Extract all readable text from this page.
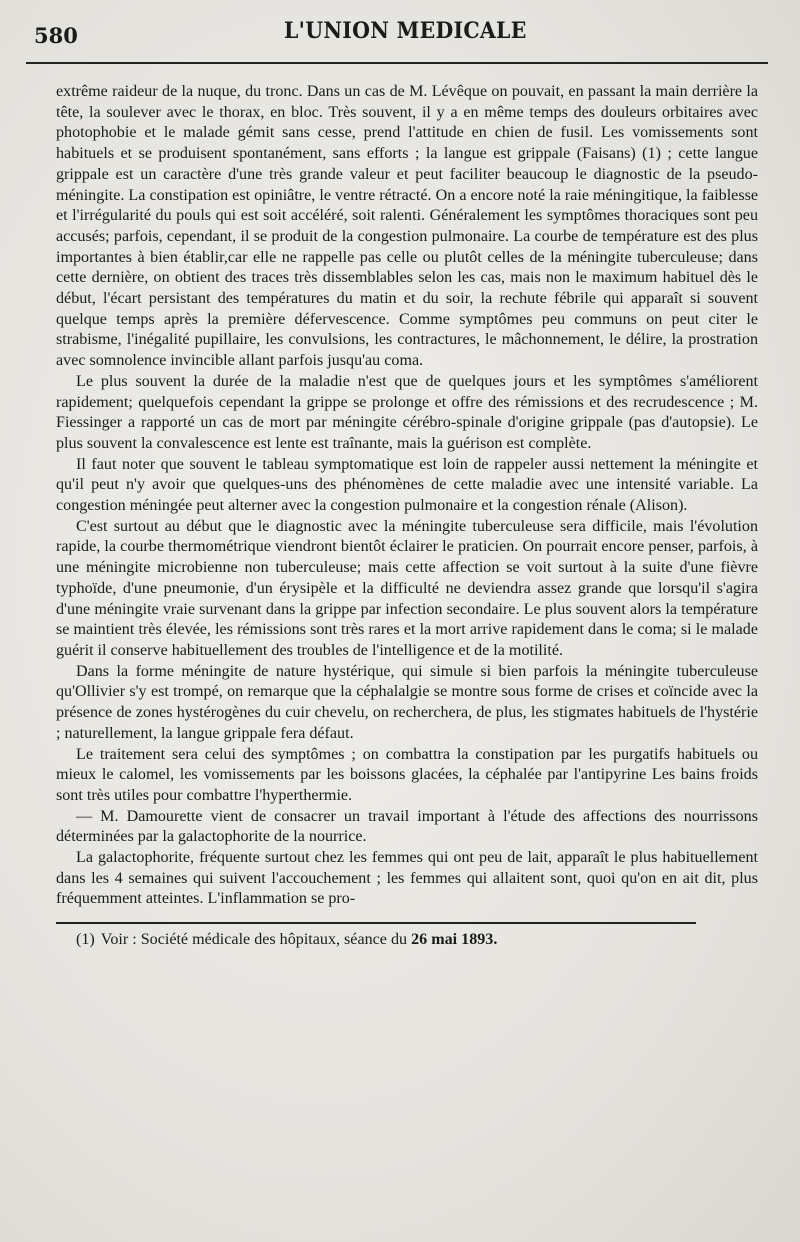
580	L'UNION MEDICALE

extrême raideur de la nuque, du tronc. Dans un cas de M. Lévêque on pouvait, en passant la main derrière la tête, la soulever avec le thorax, en bloc. Très souvent, il y a en même temps des douleurs orbitaires avec photophobie et le malade gémit sans cesse, prend l'attitude en chien de fusil. Les vomissements sont habituels et se produisent spontanément, sans efforts ; la langue est grippale (Faisans) (1) ; cette langue grippale est un caractère d'une très grande valeur et peut faciliter beaucoup le diagnostic de la pseudo-méningite. La constipation est opiniâtre, le ventre rétracté. On a encore noté la raie méningitique, la faiblesse et l'irrégularité du pouls qui est soit accéléré, soit ralenti. Généralement les symptômes thoraciques sont peu accusés; parfois, cependant, il se produit de la congestion pulmonaire. La courbe de température est des plus importantes à bien établir,car elle ne rappelle pas celle ou plutôt celles de la méningite tuberculeuse; dans cette dernière, on obtient des traces très dissemblables selon les cas, mais non le maximum habituel dès le début, l'écart persistant des températures du matin et du soir, la rechute fébrile qui apparaît si souvent quelque temps après la première défervescence. Comme symptômes peu communs on peut citer le strabisme, l'inégalité pupillaire, les convulsions, les contractures, le mâchonnement, le délire, la prostration avec somnolence invincible allant parfois jusqu'au coma.

Le plus souvent la durée de la maladie n'est que de quelques jours et les symptômes s'améliorent rapidement; quelquefois cependant la grippe se prolonge et offre des rémissions et des recrudescence ; M. Fiessinger a rapporté un cas de mort par méningite cérébro-spinale d'origine grippale (pas d'autopsie). Le plus souvent la convalescence est lente est traînante, mais la guérison est complète.

Il faut noter que souvent le tableau symptomatique est loin de rappeler aussi nettement la méningite et qu'il peut n'y avoir que quelques-uns des phénomènes de cette maladie avec une intensité variable. La congestion méningée peut alterner avec la congestion pulmonaire et la congestion rénale (Alison).

C'est surtout au début que le diagnostic avec la méningite tuberculeuse sera difficile, mais l'évolution rapide, la courbe thermométrique viendront bientôt éclairer le praticien. On pourrait encore penser, parfois, à une méningite microbienne non tuberculeuse; mais cette affection se voit surtout à la suite d'une fièvre typhoïde, d'une pneumonie, d'un érysipèle et la difficulté ne deviendra assez grande que lorsqu'il s'agira d'une méningite vraie survenant dans la grippe par infection secondaire. Le plus souvent alors la température se maintient très élevée, les rémissions sont très rares et la mort arrive rapidement dans le coma; si le malade guérit il conserve habituellement des troubles de l'intelligence et de la motilité.

Dans la forme méningite de nature hystérique, qui simule si bien parfois la méningite tuberculeuse qu'Ollivier s'y est trompé, on remarque que la céphalalgie se montre sous forme de crises et coïncide avec la présence de zones hystérogènes du cuir chevelu, on recherchera, de plus, les stigmates habituels de l'hystérie ; naturellement, la langue grippale fera défaut.

Le traitement sera celui des symptômes ; on combattra la constipation par les purgatifs habituels ou mieux le calomel, les vomissements par les boissons glacées, la céphalée par l'antipyrine Les bains froids sont très utiles pour combattre l'hyperthermie.

— M. Damourette vient de consacrer un travail important à l'étude des affections des nourrissons déterminées par la galactophorite de la nourrice.

La galactophorite, fréquente surtout chez les femmes qui ont peu de lait, apparaît le plus habituellement dans les 4 semaines qui suivent l'accouchement ; les femmes qui allaitent sont, quoi qu'on en ait dit, plus fréquemment atteintes. L'inflammation se pro-

(1) Voir : Société médicale des hôpitaux, séance du 26 mai 1893.
